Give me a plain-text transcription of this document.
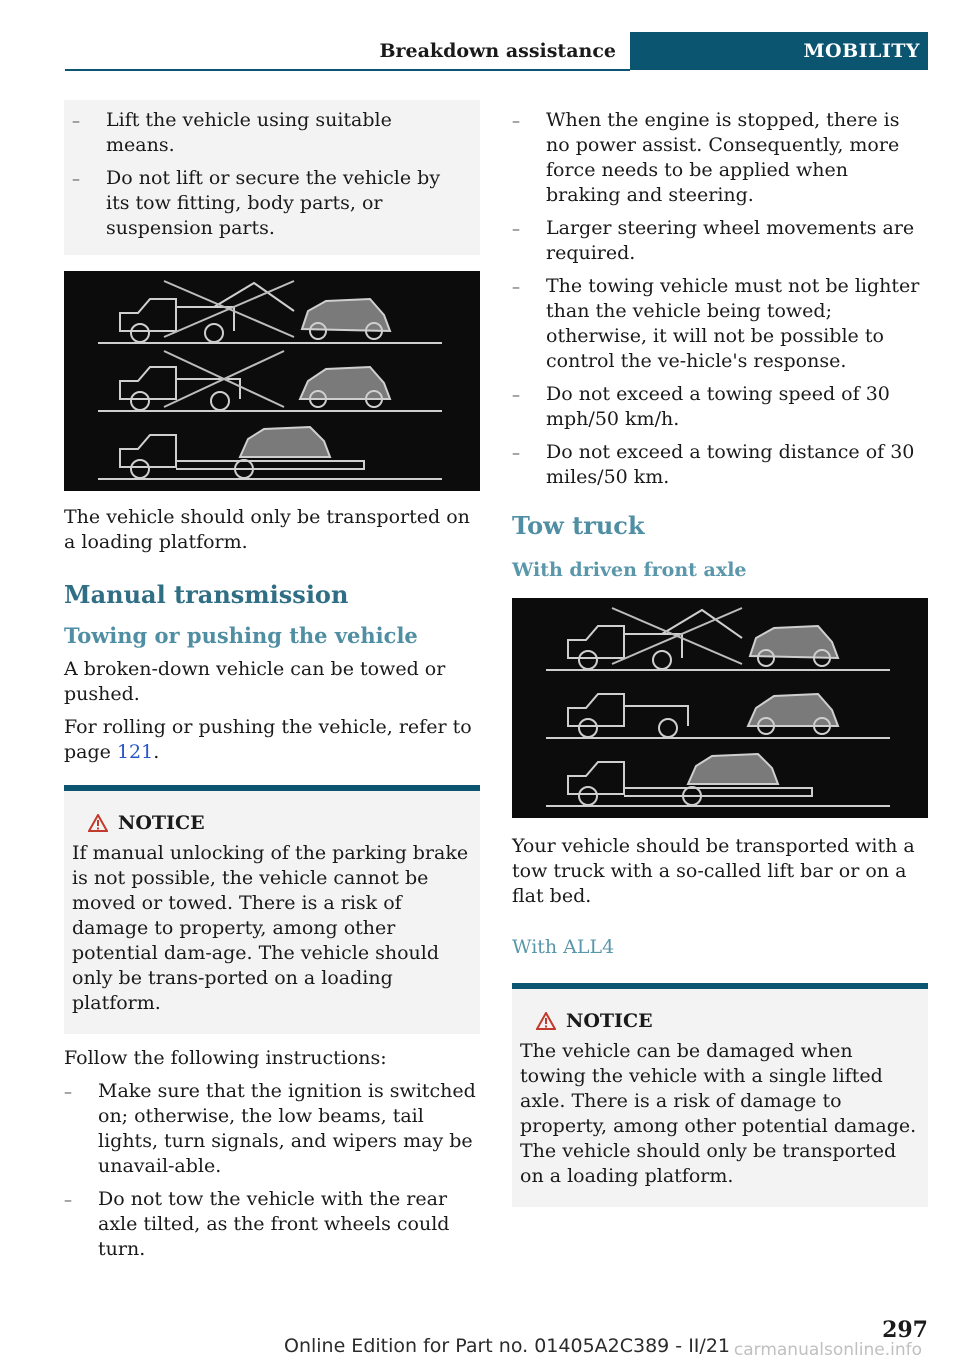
Breakdown assistance	MOBILITY
– Lift the vehicle using suitable means.
– Do not lift or secure the vehicle by its tow fitting, body parts, or suspension parts.

The vehicle should only be transported on a loading platform.

Manual transmission
Towing or pushing the vehicle

A broken-down vehicle can be towed or pushed.

For rolling or pushing the vehicle, refer to page 121.

NOTICE
If manual unlocking of the parking brake is not possible, the vehicle cannot be moved or towed. There is a risk of damage to property, among other potential dam-age. The vehicle should only be trans-ported on a loading platform.

Follow the following instructions:

– Make sure that the ignition is switched on; otherwise, the low beams, tail lights, turn signals, and wipers may be unavail-able.
– Do not tow the vehicle with the rear axle tilted, as the front wheels could turn.
– When the engine is stopped, there is no power assist. Consequently, more force needs to be applied when braking and steering.
– Larger steering wheel movements are required.
– The towing vehicle must not be lighter than the vehicle being towed; otherwise, it will not be possible to control the ve-hicle's response.
– Do not exceed a towing speed of 30 mph/50 km/h.
– Do not exceed a towing distance of 30 miles/50 km.
Tow truck
With driven front axle

Your vehicle should be transported with a tow truck with a so-called lift bar or on a flat bed.

With ALL4
NOTICE
The vehicle can be damaged when towing the vehicle with a single lifted axle. There is a risk of damage to property, among other potential damage. The vehicle should only be transported on a loading platform.
Online Edition for Part no. 01405A2C389 - II/21
297
carmanualsonline.info
